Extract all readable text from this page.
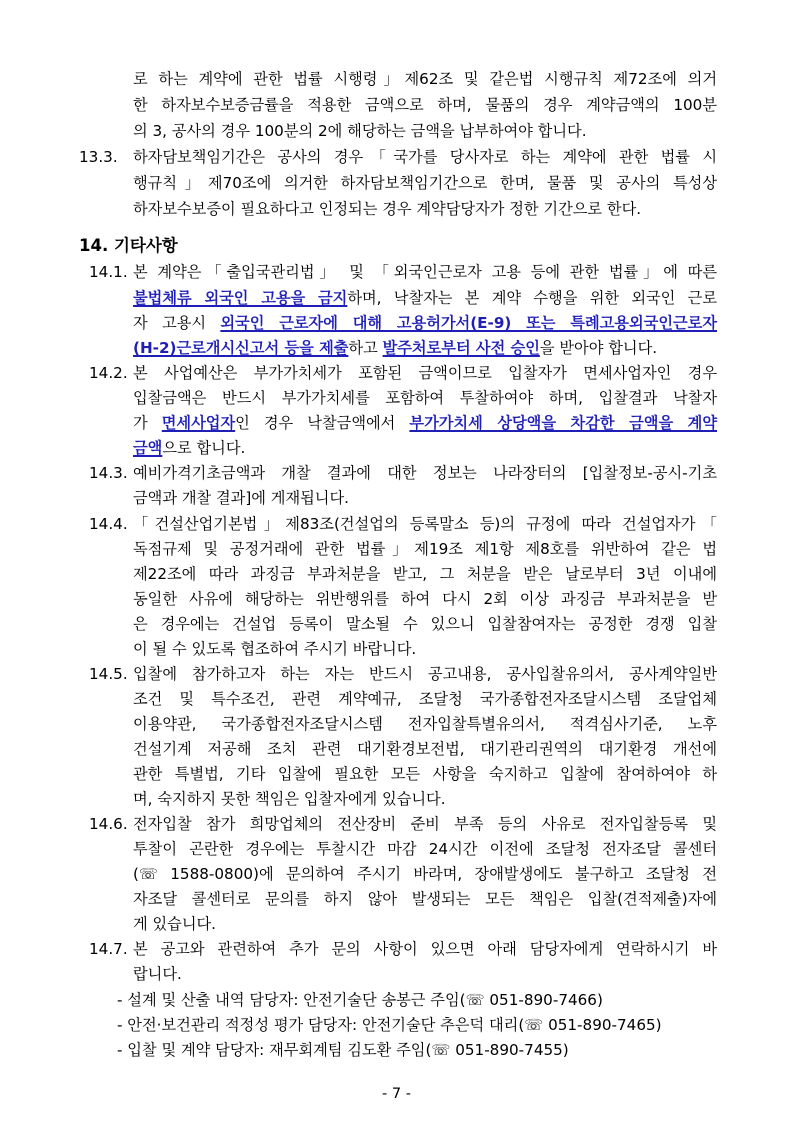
로 하는 계약에 관한 법률 시행령」제62조 및 같은법 시행규칙 제72조에 의거
한 하자보수보증금률을 적용한 금액으로 하며, 물품의 경우 계약금액의 100분
의 3, 공사의 경우 100분의 2에 해당하는 금액을 납부하여야 합니다.
13.3. 하자담보책임기간은 공사의 경우「국가를 당사자로 하는 계약에 관한 법률 시
행규칙」제70조에 의거한 하자담보책임기간으로 한며, 물품 및 공사의 특성상
하자보수보증이 필요하다고 인정되는 경우 계약담당자가 정한 기간으로 한다.
14. 기타사항
14.1. 본 계약은「출입국관리법」 및 「외국인근로자 고용 등에 관한 법률」에 따른
불법체류 외국인 고용을 금지하며, 낙찰자는 본 계약 수행을 위한 외국인 근로
자 고용시 외국인 근로자에 대해 고용허가서(E-9) 또는 특례고용외국인근로자
(H-2)근로개시신고서 등을 제출하고 발주처로부터 사전 승인을 받아야 합니다.
14.2. 본 사업예산은 부가가치세가 포함된 금액이므로 입찰자가 면세사업자인 경우
입찰금액은 반드시 부가가치세를 포함하여 투찰하여야 하며, 입찰결과 낙찰자
가 면세사업자인 경우 낙찰금액에서 부가가치세 상당액을 차감한 금액을 계약
금액으로 합니다.
14.3. 예비가격기초금액과 개찰 결과에 대한 정보는 나라장터의 [입찰정보-공시-기초
금액과 개찰 결과]에 게재됩니다.
14.4. 「건설산업기본법」제83조(건설업의 등록말소 등)의 규정에 따라 건설업자가「
독점규제 및 공정거래에 관한 법률」제19조 제1항 제8호를 위반하여 같은 법
제22조에 따라 과징금 부과처분을 받고, 그 처분을 받은 날로부터 3년 이내에
동일한 사유에 해당하는 위반행위를 하여 다시 2회 이상 과징금 부과처분을 받
은 경우에는 건설업 등록이 말소될 수 있으니 입찰참여자는 공정한 경쟁 입찰
이 될 수 있도록 협조하여 주시기 바랍니다.
14.5. 입찰에 참가하고자 하는 자는 반드시 공고내용, 공사입찰유의서, 공사계약일반
조건 및 특수조건, 관련 계약예규, 조달청 국가종합전자조달시스템 조달업체
이용약관, 국가종합전자조달시스템 전자입찰특별유의서, 적격심사기준, 노후
건설기계 저공해 조치 관련 대기환경보전법, 대기관리권역의 대기환경 개선에
관한 특별법, 기타 입찰에 필요한 모든 사항을 숙지하고 입찰에 참여하여야 하
며, 숙지하지 못한 책임은 입찰자에게 있습니다.
14.6. 전자입찰 참가 희망업체의 전산장비 준비 부족 등의 사유로 전자입찰등록 및
투찰이 곤란한 경우에는 투찰시간 마감 24시간 이전에 조달청 전자조달 콜센터
(☏ 1588-0800)에 문의하여 주시기 바라며, 장애발생에도 불구하고 조달청 전
자조달 콜센터로 문의를 하지 않아 발생되는 모든 책임은 입찰(견적제출)자에
게 있습니다.
14.7. 본 공고와 관련하여 추가 문의 사항이 있으면 아래 담당자에게 연락하시기 바
랍니다.
- 설계 및 산출 내역 담당자: 안전기술단 송봉근 주임(☏ 051-890-7466)
- 안전·보건관리 적정성 평가 담당자: 안전기술단 추은덕 대리(☏ 051-890-7465)
- 입찰 및 계약 담당자: 재무회계팀 김도환 주임(☏ 051-890-7455)
- 7 -
